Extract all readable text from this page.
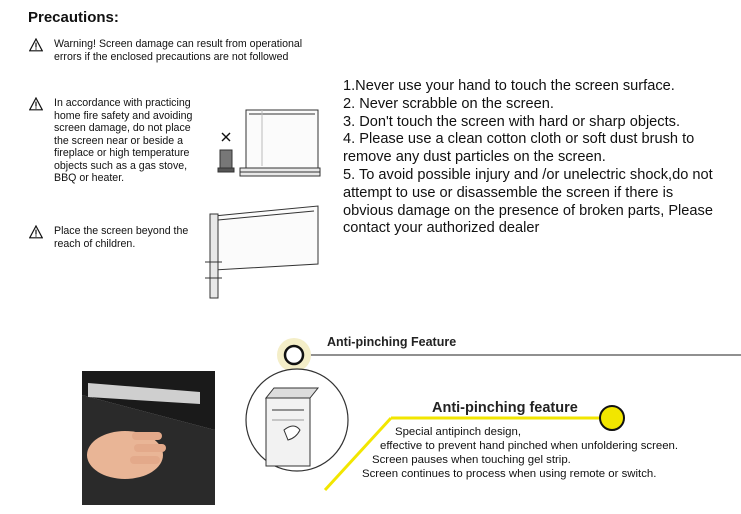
Precautions:
Warning! Screen damage can result from operational
errors if the enclosed precautions are not followed
In accordance with practicing
home fire safety and avoiding
screen damage, do not place
the screen near or beside a
fireplace or high temperature
objects such as a gas stove,
BBQ or heater.
Place the screen beyond the
reach of children.
1.Never use your hand to touch the screen surface.
2. Never scrabble on the screen.
3. Don't touch the screen with hard or sharp objects.
4. Please use a clean cotton cloth or soft dust brush to
remove any dust particles on the screen.
5. To avoid possible injury and /or unelectric shock,do not
attempt to use or disassemble the screen if there is
obvious damage on the presence of broken parts, Please
contact your authorized dealer
Anti-pinching Feature
Anti-pinching feature
Special antipinch design,
effective to prevent hand pinched when unfoldering screen.
Screen pauses when touching gel strip.
Screen continues to process when using remote or switch.
